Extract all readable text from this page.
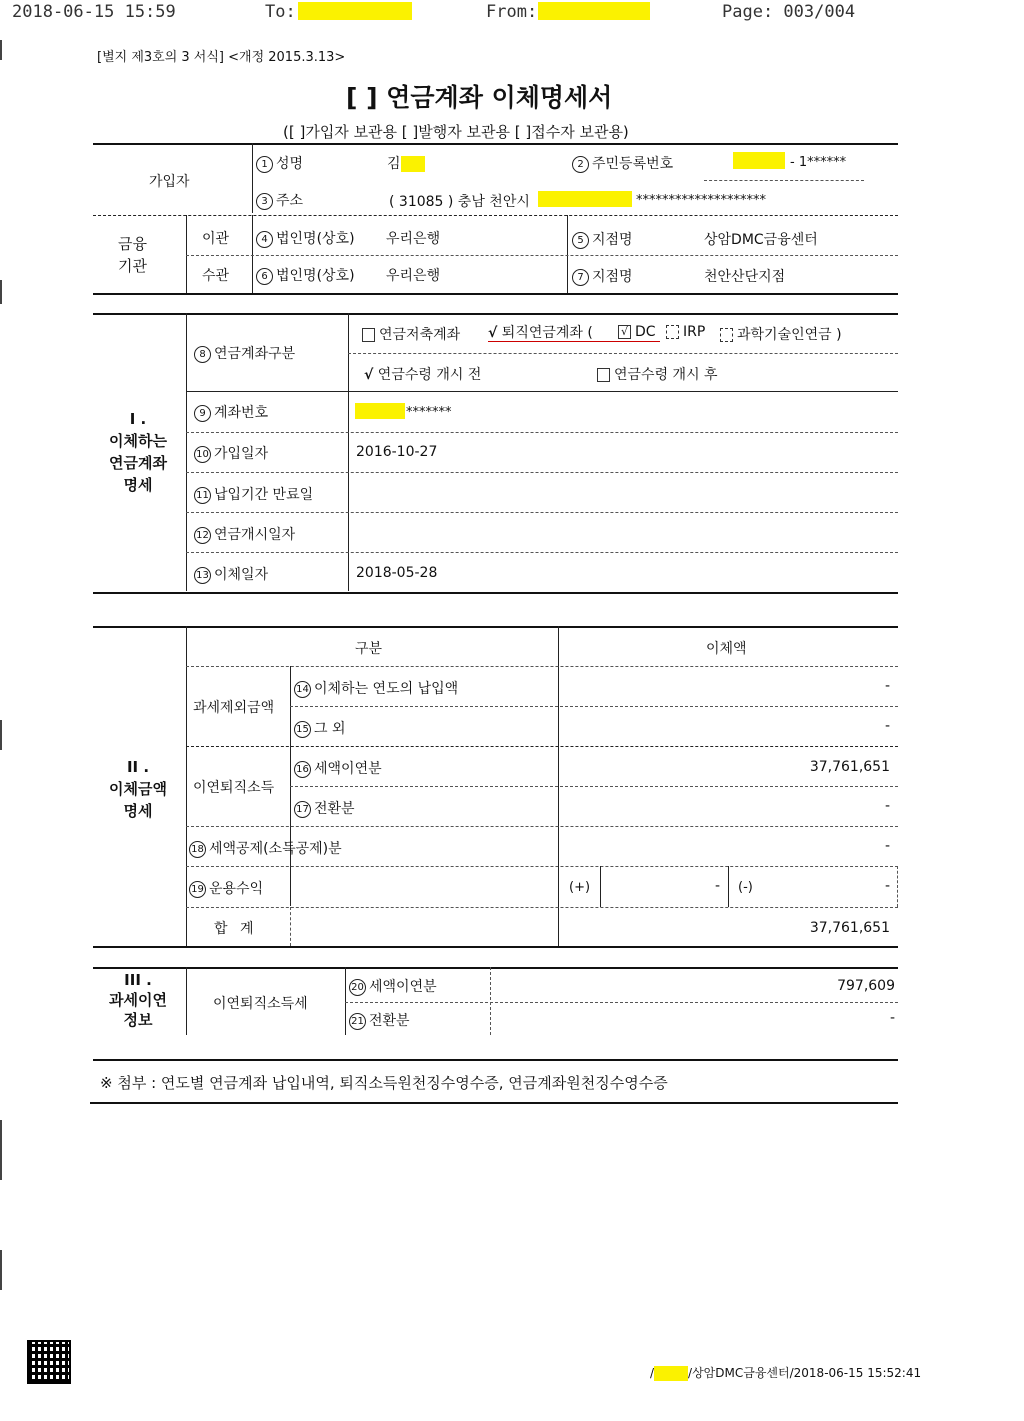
2018-06-15 15:59	To:	From:	Page: 003/004
[별지 제3호의 3 서식] <개정 2015.3.13>
[ ] 연금계좌 이체명세서
([ ]가입자 보관용 [ ]발행자 보관용 [ ]접수자 보관용)
가입자
1 성명	김	2 주민등록번호	- 1******
3 주소	( 31085 ) 충남 천안시	********************
금융
기관
이관
수관
4 법인명(상호) 우리은행	5 지점명	상암DMC금융센터
6 법인명(상호) 우리은행	7 지점명	천안산단지점
I .
이체하는
연금계좌
명세
8 연금계좌구분
연금저축계좌 √ 퇴직연금계좌 (	√ DC	IRP	과학기술인연금 )
√ 연금수령 개시 전	연금수령 개시 후
9 계좌번호	*******
10 가입일자	2016-10-27
11 납입기간 만료일
12 연금개시일자
13 이체일자	2018-05-28
II .
이체금액
명세
구분	이체액
과세제외금액
14 이체하는 연도의 납입액	-
15 그 외	-
이연퇴직소득
16 세액이연분	37,761,651
17 전환분	-
18 세액공제(소득공제)분	-
19 운용수익	(+)	- (-)	-
합 계	37,761,651
III .
과세이연
정보
이연퇴직소득세
20 세액이연분	797,609
21 전환분	-
※ 첨부 : 연도별 연금계좌 납입내역, 퇴직소득원천징수영수증, 연금계좌원천징수영수증
/	/상암DMC금융센터/2018-06-15 15:52:41
